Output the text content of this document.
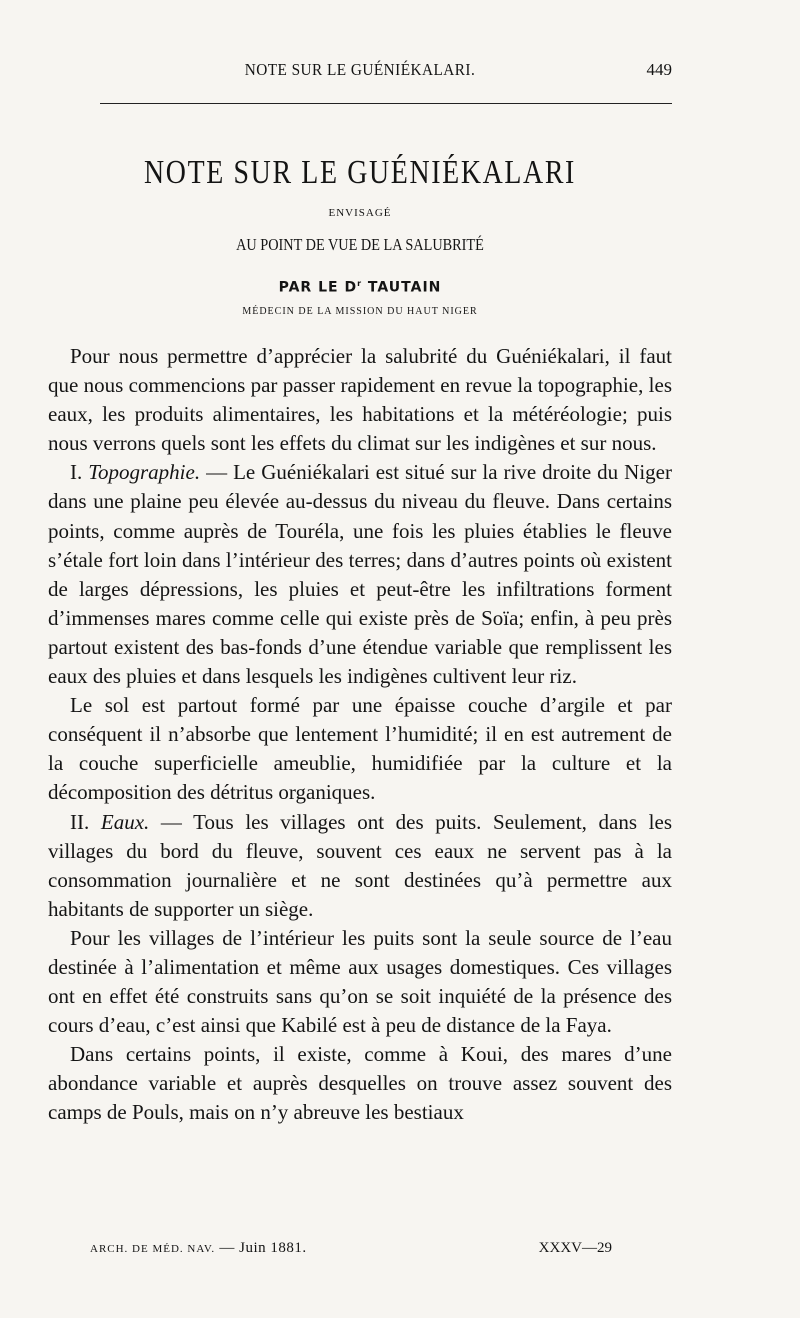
NOTE SUR LE GUÉNIÉKALARI.	449
NOTE SUR LE GUÉNIÉKALARI
ENVISAGÉ
AU POINT DE VUE DE LA SALUBRITÉ
PAR LE $D^r$ TAUTAIN
MÉDECIN DE LA MISSION DU HAUT NIGER

Pour nous permettre d’apprécier la salubrité du Guéniékalari, il faut que nous commencions par passer rapidement en revue la topographie, les eaux, les produits alimentaires, les habitations et la météréologie; puis nous verrons quels sont les effets du climat sur les indigènes et sur nous.

I. Topographie. — Le Guéniékalari est situé sur la rive droite du Niger dans une plaine peu élevée au-dessus du niveau du fleuve. Dans certains points, comme auprès de Touréla, une fois les pluies établies le fleuve s’étale fort loin dans l’intérieur des terres; dans d’autres points où existent de larges dépressions, les pluies et peut-être les infiltrations forment d’immenses mares comme celle qui existe près de Soïa; enfin, à peu près partout existent des bas-fonds d’une étendue variable que remplissent les eaux des pluies et dans lesquels les indigènes cultivent leur riz.

Le sol est partout formé par une épaisse couche d’argile et par conséquent il n’absorbe que lentement l’humidité; il en est autrement de la couche superficielle ameublie, humidifiée par la culture et la décomposition des détritus organiques.

II. Eaux. — Tous les villages ont des puits. Seulement, dans les villages du bord du fleuve, souvent ces eaux ne servent pas à la consommation journalière et ne sont destinées qu’à permettre aux habitants de supporter un siège.

Pour les villages de l’intérieur les puits sont la seule source de l’eau destinée à l’alimentation et même aux usages domestiques. Ces villages ont en effet été construits sans qu’on se soit inquiété de la présence des cours d’eau, c’est ainsi que Kabilé est à peu de distance de la Faya.

Dans certains points, il existe, comme à Koui, des mares d’une abondance variable et auprès desquelles on trouve assez souvent des camps de Pouls, mais on n’y abreuve les bestiaux

ARCH. DE MÉD. NAV. — Juin 1881.	XXXV—29
